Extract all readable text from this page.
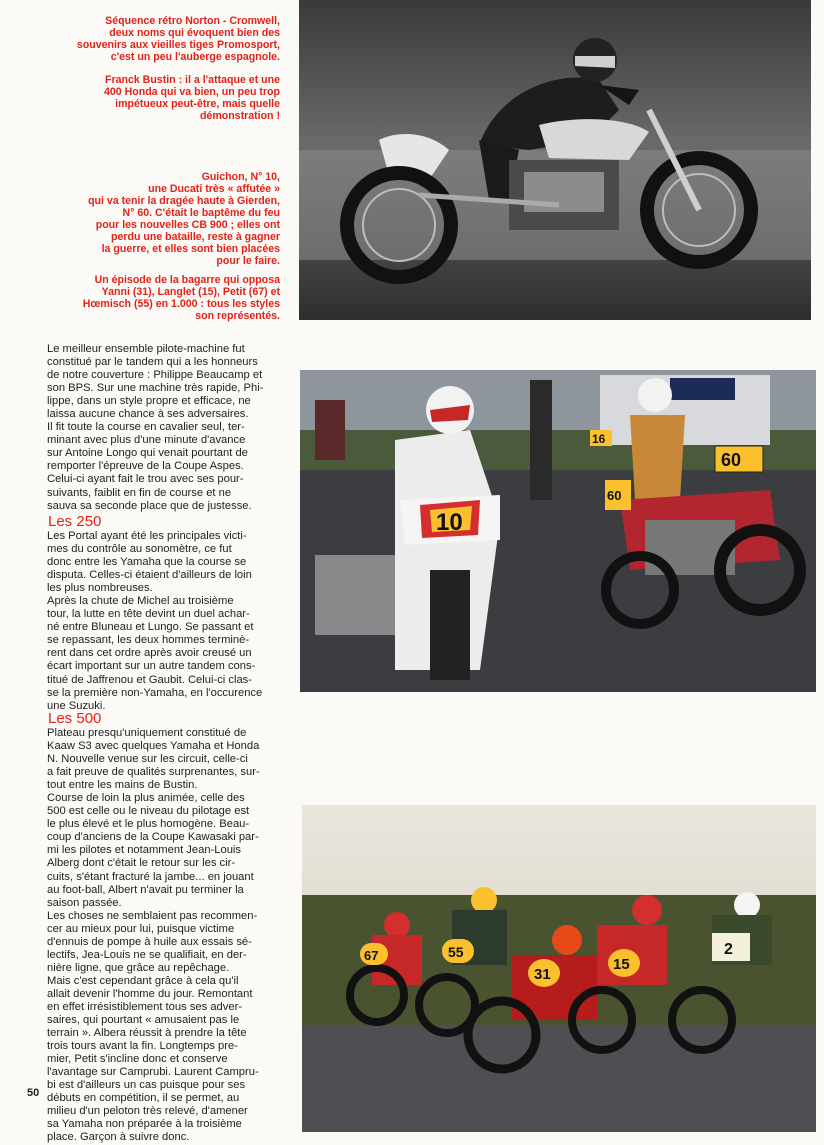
Séquence rétro Norton - Cromwell,
deux noms qui évoquent bien des
souvenirs aux vieilles tiges Promosport,
c'est un peu l'auberge espagnole.
Franck Bustin : il a l'attaque et une
400 Honda qui va bien, un peu trop
impétueux peut-être, mais quelle
démonstration !
Guichon, N° 10,
une Ducati très « affutée »
qui va tenir la dragée haute à Gierden,
N° 60. C'était le baptême du feu
pour les nouvelles CB 900 ; elles ont
perdu une bataille, reste à gagner
la guerre, et elles sont bien placées
pour le faire.
Un épisode de la bagarre qui opposa
Yanni (31), Langlet (15), Petit (67) et
Hœmisch (55) en 1.000 : tous les styles
son représentés.
Le meilleur ensemble pilote-machine fut
constitué par le tandem qui a les honneurs
de notre couverture : Philippe Beaucamp et
son BPS. Sur une machine très rapide, Phi-
lippe, dans un style propre et efficace, ne
laissa aucune chance à ses adversaires.
Il fit toute la course en cavalier seul, ter-
minant avec plus d'une minute d'avance
sur Antoine Longo qui venait pourtant de
remporter l'épreuve de la Coupe Aspes.
Celui-ci ayant fait le trou avec ses pour-
suivants, faiblit en fin de course et ne
sauva sa seconde place que de justesse.
Les 250
Les Portal ayant été les principales victi-
mes du contrôle au sonomètre, ce fut
donc entre les Yamaha que la course se
disputa. Celles-ci étaient d'ailleurs de loin
les plus nombreuses.
Après la chute de Michel au troisième
tour, la lutte en tête devint un duel achar-
né entre Bluneau et Lungo. Se passant et
se repassant, les deux hommes terminè-
rent dans cet ordre après avoir creusé un
écart important sur un autre tandem cons-
titué de Jaffrenou et Gaubit. Celui-ci clas-
se la première non-Yamaha, en l'occurence
une Suzuki.
Les 500
Plateau presqu'uniquement constitué de
Kaaw S3 avec quelques Yamaha et Honda
N. Nouvelle venue sur les circuit, celle-ci
a fait preuve de qualités surprenantes, sur-
tout entre les mains de Bustin.
Course de loin la plus animée, celle des
500 est celle ou le niveau du pilotage est
le plus élevé et le plus homogène. Beau-
coup d'anciens de la Coupe Kawasaki par-
mi les pilotes et notamment Jean-Louis
Alberg dont c'était le retour sur les cir-
cuits, s'étant fracturé la jambe... en jouant
au foot-ball, Albert n'avait pu terminer la
saison passée.
Les choses ne semblaient pas recommen-
cer au mieux pour lui, puisque victime
d'ennuis de pompe à huile aux essais sé-
lectifs, Jea-Louis ne se qualifiait, en der-
nière ligne, que grâce au repêchage.
Mais c'est cependant grâce à cela qu'il
allait devenir l'homme du jour. Remontant
en effet irrésistiblement tous ses adver-
saires, qui pourtant « amusaient pas le
terrain ». Albera réussit à prendre la tête
trois tours avant la fin. Longtemps pre-
mier, Petit s'incline donc et conserve
l'avantage sur Camprubi. Laurent Campru-
bi est d'ailleurs un cas puisque pour ses
débuts en compétition, il se permet, au
milieu d'un peloton très relevé, d'amener
sa Yamaha non préparée à la troisième
place. Garçon à suivre donc.
50
10
60
16
60
67	55
31
15
2
